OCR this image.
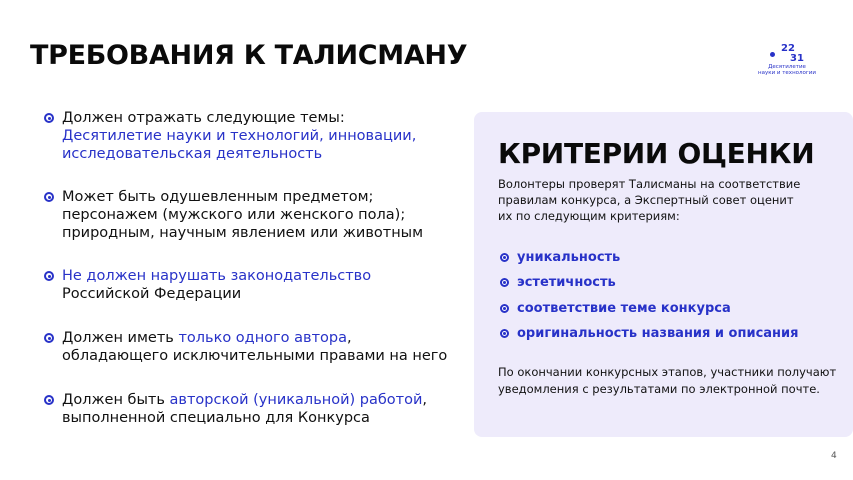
ТРЕБОВАНИЯ К ТАЛИСМАНУ	22
31
Десятилетие
науки и технологии
Должен отражать следующие темы:
Десятилетие науки и технологий, инновации,
исследовательская деятельность
Может быть одушевленным предметом;
персонажем (мужского или женского пола);
природным, научным явлением или животным
Не должен нарушать законодательство
Российской Федерации
Должен иметь только одного автора,
обладающего исключительными правами на него
Должен быть авторской (уникальной) работой,
выполненной специально для Конкурса
КРИТЕРИИ ОЦЕНКИ
Волонтеры проверят Талисманы на соответствие
правилам конкурса, а Экспертный совет оценит
их по следующим критериям:
уникальность
эстетичность
соответствие теме конкурса
оригинальность названия и описания
По окончании конкурсных этапов, участники получают
уведомления с результатами по электронной почте.
4
